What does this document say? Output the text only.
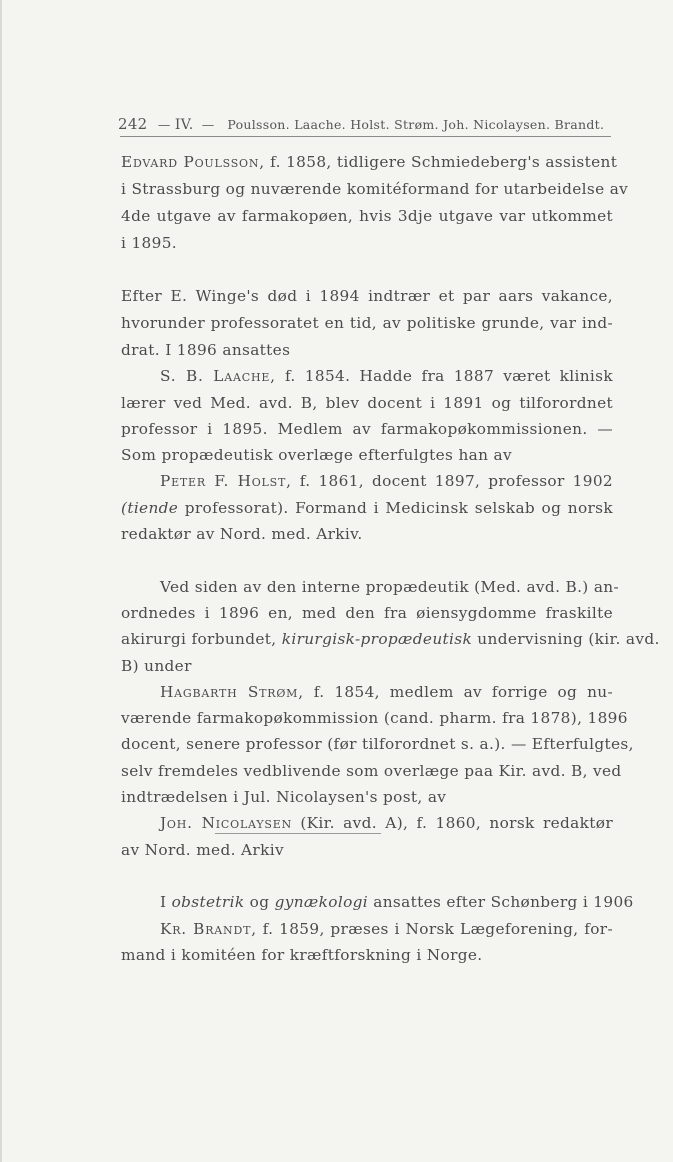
242 — IV. — Poulsson. Laache. Holst. Strøm. Joh. Nicolaysen. Brandt.
Edvard Poulsson, f. 1858, tidligere Schmiedeberg's assistent
i Strassburg og nuværende komitéformand for utarbeidelse av
4de utgave av farmakopøen, hvis 3dje utgave var utkommet
i 1895.
Efter E. Winge's død i 1894 indtrær et par aars vakance,
hvorunder professoratet en tid, av politiske grunde, var ind-
drat. I 1896 ansattes
S. B. Laache, f. 1854. Hadde fra 1887 været klinisk
lærer ved Med. avd. B, blev docent i 1891 og tilforordnet
professor i 1895. Medlem av farmakopøkommissionen. —
Som propædeutisk overlæge efterfulgtes han av
Peter F. Holst, f. 1861, docent 1897, professor 1902
(tiende professorat). Formand i Medicinsk selskab og norsk
redaktør av Nord. med. Arkiv.
Ved siden av den interne propædeutik (Med. avd. B.) an-
ordnedes i 1896 en, med den fra øiensygdomme fraskilte
akirurgi forbundet, kirurgisk-propædeutisk undervisning (kir. avd.
B) under
Hagbarth Strøm, f. 1854, medlem av forrige og nu-
værende farmakopøkommission (cand. pharm. fra 1878), 1896
docent, senere professor (før tilforordnet s. a.). — Efterfulgtes,
selv fremdeles vedblivende som overlæge paa Kir. avd. B, ved
indtrædelsen i Jul. Nicolaysen's post, av
Joh. Nicolaysen (Kir. avd. A), f. 1860, norsk redaktør
av Nord. med. Arkiv
I obstetrik og gynækologi ansattes efter Schønberg i 1906
Kr. Brandt, f. 1859, præses i Norsk Lægeforening, for-
mand i komitéen for kræftforskning i Norge.
